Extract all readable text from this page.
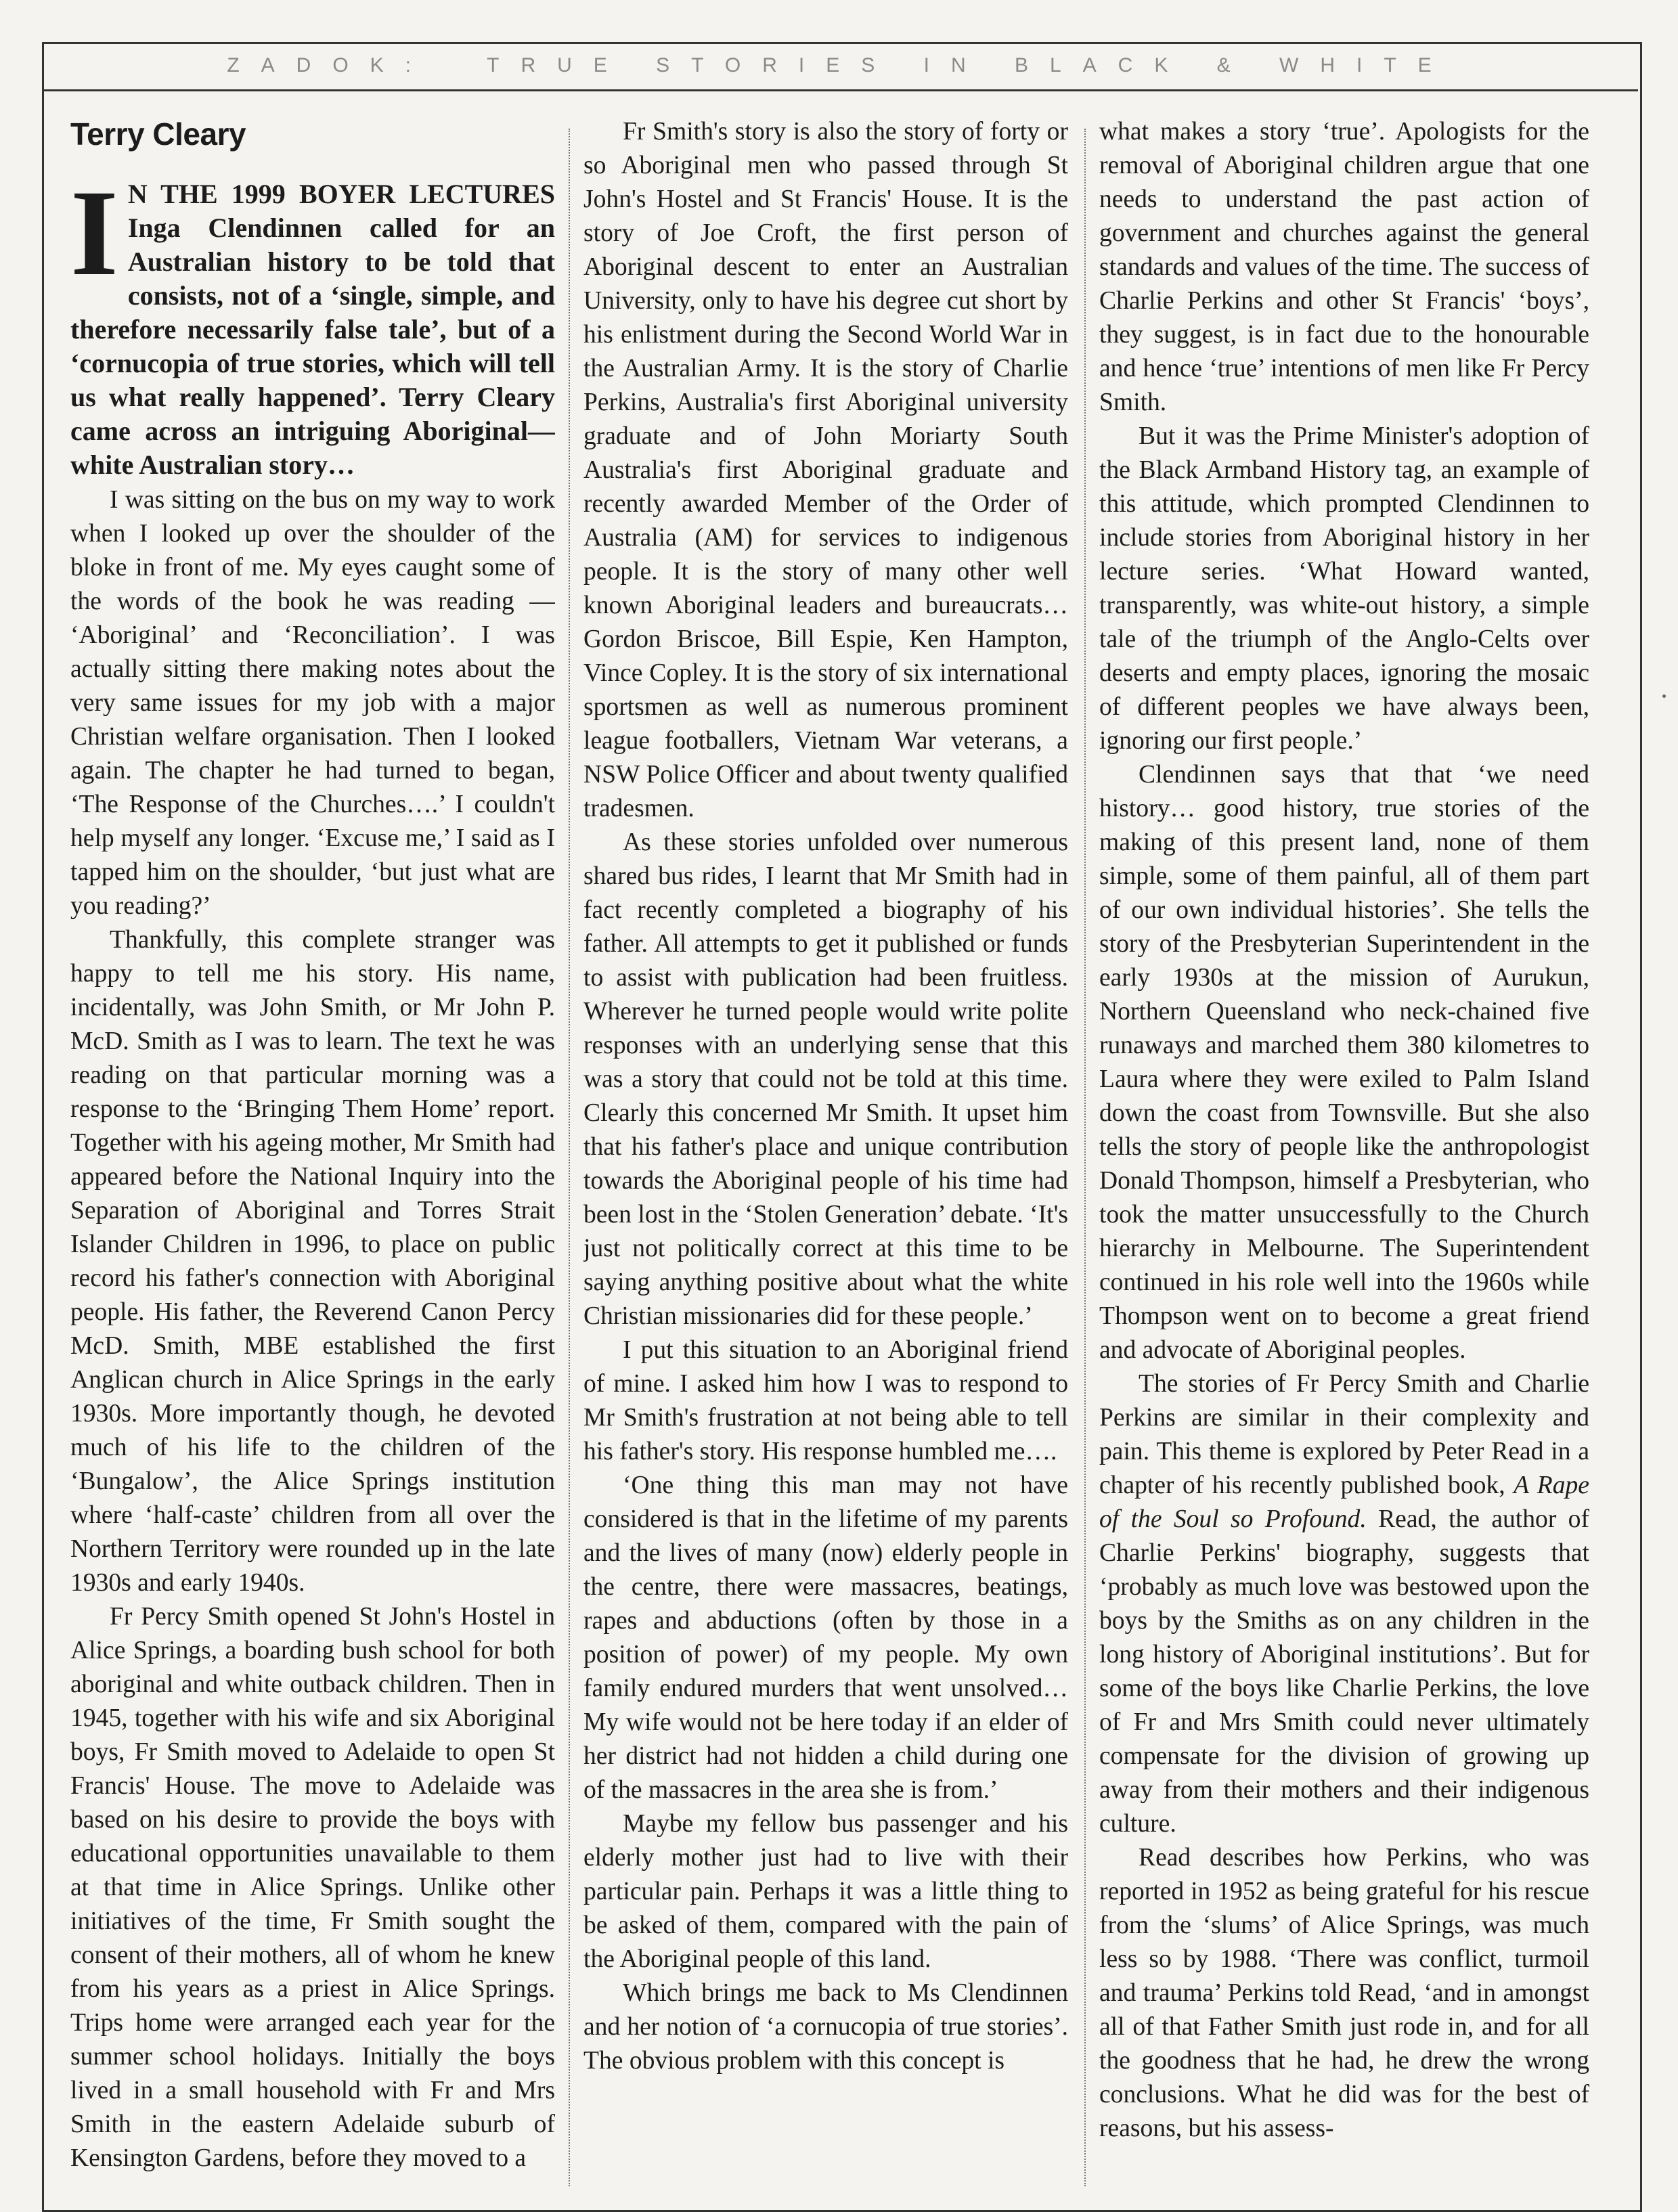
ZADOK:  TRUE STORIES IN BLACK & WHITE
Terry Cleary
I N THE 1999 BOYER LECTURES Inga Clendinnen called for an Australian history to be told that consists, not of a ‘single, simple, and therefore necessarily false tale’, but of a ‘cornucopia of true stories, which will tell us what really happened’. Terry Cleary came across an intriguing Aboriginal—white Australian story…

I was sitting on the bus on my way to work when I looked up over the shoulder of the bloke in front of me. My eyes caught some of the words of the book he was reading — ‘Aboriginal’ and ‘Reconciliation’. I was actually sitting there making notes about the very same issues for my job with a major Christian welfare organisation. Then I looked again. The chapter he had turned to began, ‘The Response of the Churches….’ I couldn't help myself any longer. ‘Excuse me,’ I said as I tapped him on the shoulder, ‘but just what are you reading?’

Thankfully, this complete stranger was happy to tell me his story. His name, incidentally, was John Smith, or Mr John P. McD. Smith as I was to learn. The text he was reading on that particular morning was a response to the ‘Bringing Them Home’ report. Together with his ageing mother, Mr Smith had appeared before the National Inquiry into the Separation of Aboriginal and Torres Strait Islander Children in 1996, to place on public record his father's connection with Aboriginal people. His father, the Reverend Canon Percy McD. Smith, MBE established the first Anglican church in Alice Springs in the early 1930s. More importantly though, he devoted much of his life to the children of the ‘Bungalow’, the Alice Springs institution where ‘half-caste’ children from all over the Northern Territory were rounded up in the late 1930s and early 1940s.

Fr Percy Smith opened St John's Hostel in Alice Springs, a boarding bush school for both aboriginal and white outback children. Then in 1945, together with his wife and six Aboriginal boys, Fr Smith moved to Adelaide to open St Francis' House. The move to Adelaide was based on his desire to provide the boys with educational opportunities unavailable to them at that time in Alice Springs. Unlike other initiatives of the time, Fr Smith sought the consent of their mothers, all of whom he knew from his years as a priest in Alice Springs. Trips home were arranged each year for the summer school holidays. Initially the boys lived in a small household with Fr and Mrs Smith in the eastern Adelaide suburb of Kensington Gardens, before they moved to a

Fr Smith's story is also the story of forty or so Aboriginal men who passed through St John's Hostel and St Francis' House. It is the story of Joe Croft, the first person of Aboriginal descent to enter an Australian University, only to have his degree cut short by his enlistment during the Second World War in the Australian Army. It is the story of Charlie Perkins, Australia's first Aboriginal university graduate and of John Moriarty South Australia's first Aboriginal graduate and recently awarded Member of the Order of Australia (AM) for services to indigenous people. It is the story of many other well known Aboriginal leaders and bureaucrats… Gordon Briscoe, Bill Espie, Ken Hampton, Vince Copley. It is the story of six international sportsmen as well as numerous prominent league footballers, Vietnam War veterans, a NSW Police Officer and about twenty qualified tradesmen.

As these stories unfolded over numerous shared bus rides, I learnt that Mr Smith had in fact recently completed a biography of his father. All attempts to get it published or funds to assist with publication had been fruitless. Wherever he turned people would write polite responses with an underlying sense that this was a story that could not be told at this time. Clearly this concerned Mr Smith. It upset him that his father's place and unique contribution towards the Aboriginal people of his time had been lost in the ‘Stolen Generation’ debate. ‘It's just not politically correct at this time to be saying anything positive about what the white Christian missionaries did for these people.’

I put this situation to an Aboriginal friend of mine. I asked him how I was to respond to Mr Smith's frustration at not being able to tell his father's story. His response humbled me….

‘One thing this man may not have considered is that in the lifetime of my parents and the lives of many (now) elderly people in the centre, there were massacres, beatings, rapes and abductions (often by those in a position of power) of my people. My own family endured murders that went unsolved… My wife would not be here today if an elder of her district had not hidden a child during one of the massacres in the area she is from.’

Maybe my fellow bus passenger and his elderly mother just had to live with their particular pain. Perhaps it was a little thing to be asked of them, compared with the pain of the Aboriginal people of this land.

Which brings me back to Ms Clendinnen and her notion of ‘a cornucopia of true stories’. The obvious problem with this concept is

what makes a story ‘true’. Apologists for the removal of Aboriginal children argue that one needs to understand the past action of government and churches against the general standards and values of the time. The success of Charlie Perkins and other St Francis' ‘boys’, they suggest, is in fact due to the honourable and hence ‘true’ intentions of men like Fr Percy Smith.

But it was the Prime Minister's adoption of the Black Armband History tag, an example of this attitude, which prompted Clendinnen to include stories from Aboriginal history in her lecture series. ‘What Howard wanted, transparently, was white-out history, a simple tale of the triumph of the Anglo-Celts over deserts and empty places, ignoring the mosaic of different peoples we have always been, ignoring our first people.’

Clendinnen says that that ‘we need history… good history, true stories of the making of this present land, none of them simple, some of them painful, all of them part of our own individual histories’. She tells the story of the Presbyterian Superintendent in the early 1930s at the mission of Aurukun, Northern Queensland who neck-chained five runaways and marched them 380 kilometres to Laura where they were exiled to Palm Island down the coast from Townsville. But she also tells the story of people like the anthropologist Donald Thompson, himself a Presbyterian, who took the matter unsuccessfully to the Church hierarchy in Melbourne. The Superintendent continued in his role well into the 1960s while Thompson went on to become a great friend and advocate of Aboriginal peoples.

The stories of Fr Percy Smith and Charlie Perkins are similar in their complexity and pain. This theme is explored by Peter Read in a chapter of his recently published book, A Rape of the Soul so Profound. Read, the author of Charlie Perkins' biography, suggests that ‘probably as much love was bestowed upon the boys by the Smiths as on any children in the long history of Aboriginal institutions’. But for some of the boys like Charlie Perkins, the love of Fr and Mrs Smith could never ultimately compensate for the division of growing up away from their mothers and their indigenous culture.

Read describes how Perkins, who was reported in 1952 as being grateful for his rescue from the ‘slums’ of Alice Springs, was much less so by 1988. ‘There was conflict, turmoil and trauma’ Perkins told Read, ‘and in amongst all of that Father Smith just rode in, and for all the goodness that he had, he drew the wrong conclusions. What he did was for the best of reasons, but his assess-
